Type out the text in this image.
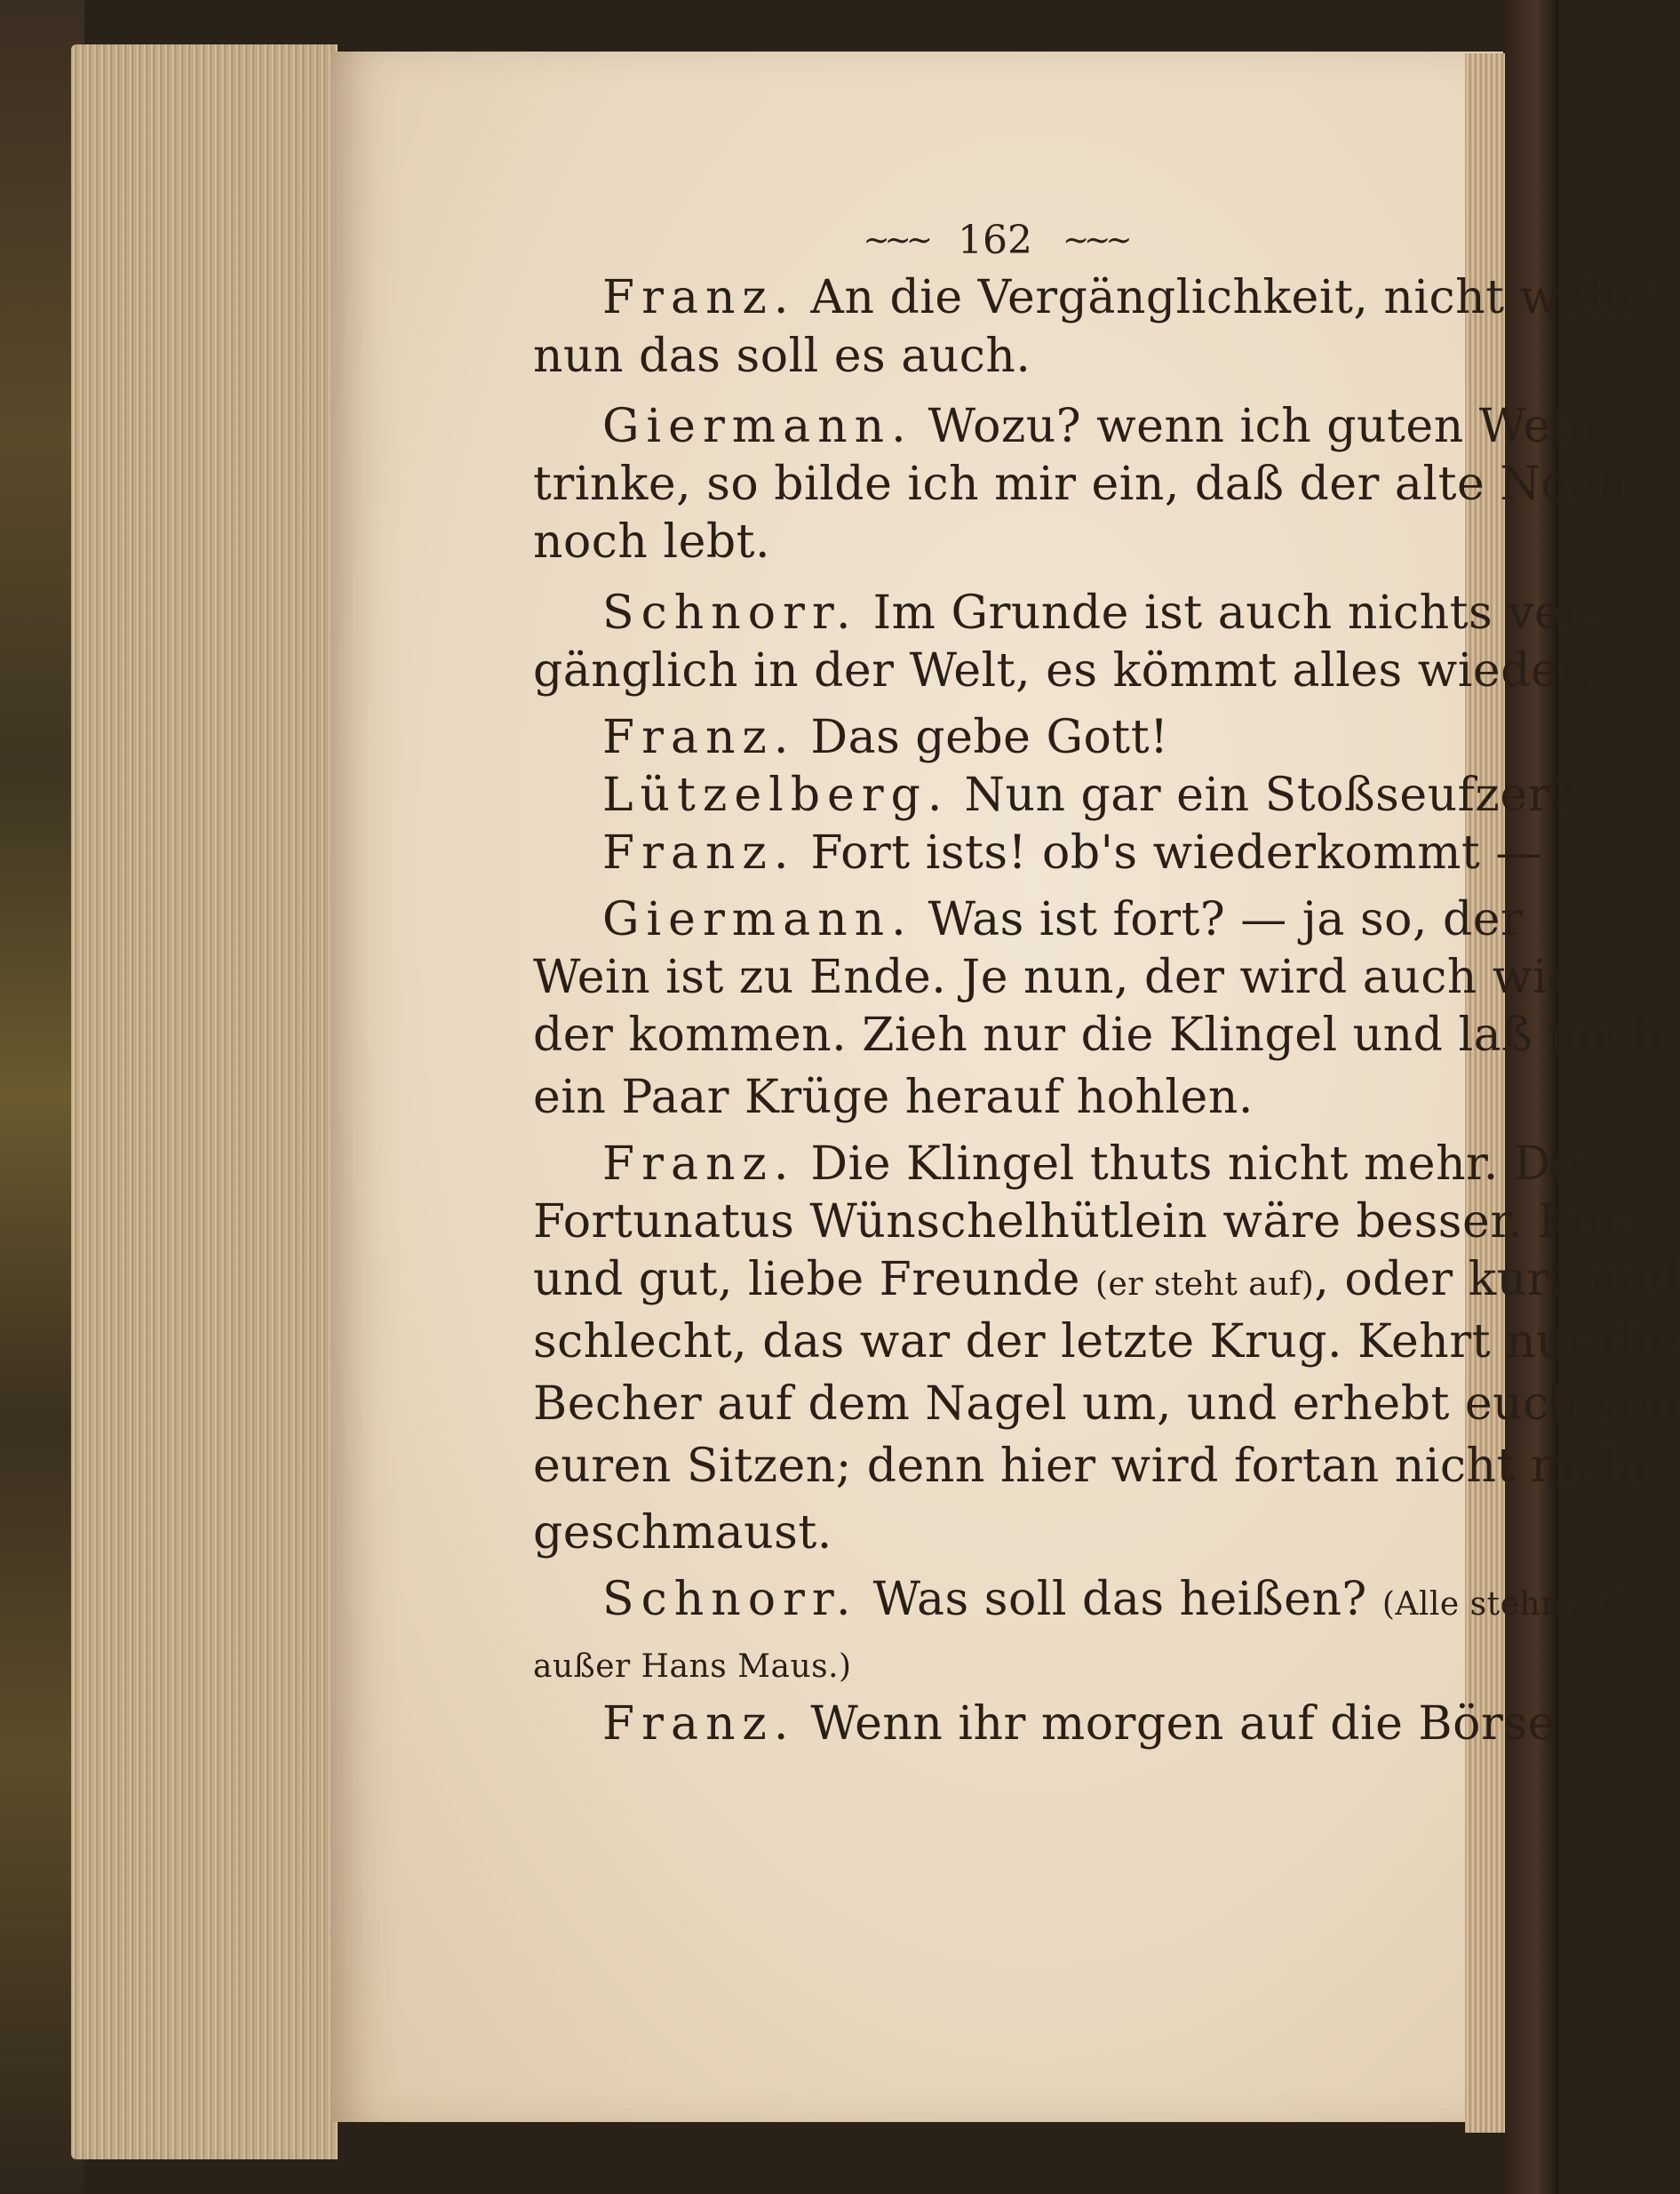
~~~ 162 ~~~
Franz. An die Vergänglichkeit, nicht wahr?
nun das soll es auch.
Giermann. Wozu? wenn ich guten Wein
trinke, so bilde ich mir ein, daß der alte Noah
noch lebt.
Schnorr. Im Grunde ist auch nichts ver-
gänglich in der Welt, es kömmt alles wieder.
Franz. Das gebe Gott!
Lützelberg. Nun gar ein Stoßseufzer?
Franz. Fort ists! ob's wiederkommt —
Giermann. Was ist fort? — ja so, der
Wein ist zu Ende. Je nun, der wird auch wie-
der kommen. Zieh nur die Klingel und laß noch
ein Paar Krüge herauf hohlen.
Franz. Die Klingel thuts nicht mehr. Des
Fortunatus Wünschelhütlein wäre besser. Kurz
und gut, liebe Freunde (er steht auf), oder kurz und
schlecht, das war der letzte Krug. Kehrt nur die
Becher auf dem Nagel um, und erhebt euch von
euren Sitzen; denn hier wird fortan nicht mehr
geschmaust.
Schnorr. Was soll das heißen? (Alle stehn auf,
außer Hans Maus.)
Franz. Wenn ihr morgen auf die Börse
